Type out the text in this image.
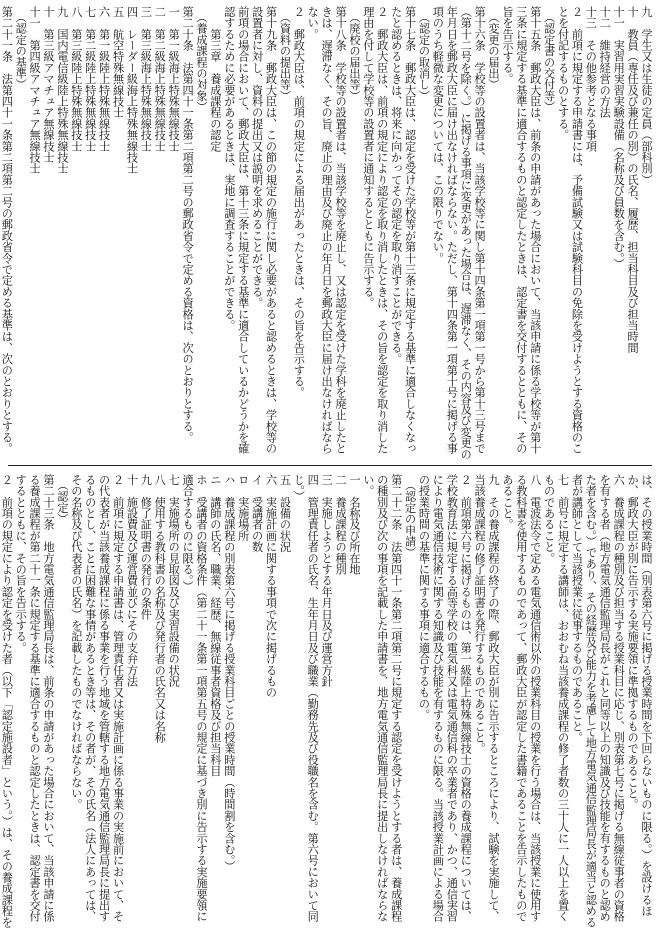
九　学生又は生徒の定員（部科別）
十　教員（専任及び兼任の別）の氏名、履歴、担当科目及び担当時間
十一　実習用実習実験設備（名称及び員数を含む。）
十二　維持経営の方法
十三　その他参考となる事項
２　前項に規定する申請書には、予備試験又は試験科目の免除を受けようとする資格のことを付記するものとする。
　（認定書の交付等）
第十五条　郵政大臣は、前条の申請があった場合において、当該申請に係る学校等が第十三条に規定する基準に適合するものと認定したときは、認定書を交付するとともに、その旨を告示する。
　（変更の届出）
第十六条　学校等の設置者は、当該学校等に関し第十四条第一項第一号から第十三号まで（第十二号を除く。）に掲げる事項に変更があった場合は、遅滞なく、その内容及び変更の年月日を郵政大臣に届け出なければならない。ただし、第十四条第一項第十号に掲げる事項のうち軽微な変更については、この限りでない。
　（認定の取消し）
第十七条　郵政大臣は、認定を受けた学校等が第十三条に規定する基準に適合しなくなったと認めるときは、将来に向かってその認定を取り消すことができる。
２　郵政大臣は、前項の規定により認定を取り消したときは、その旨を認定を取り消した理由を付して学校等の設置者に通知するとともに告示する。
　（廃校の届出等）
第十八条　学校等の設置者は、当該学校等を廃止し、又は認定を受けた学科を廃止したときは、遅滞なく、その旨、廃止の理由及び廃止の年月日を郵政大臣に届け出なければならない。
２　郵政大臣は、前項の規定による届出があったときは、その旨を告示する。
　（資料の提出等）
第十九条　郵政大臣は、この節の規定の施行に関し必要があると認めるときは、学校等の設置者に対し、資料の提出又は説明を求めることができる。
前項の場合において、郵政大臣は、第十三条に規定する基準に適合しているかどうかを確認するために必要があるときは、実地に調査することができる。
　　第三章　養成課程の認定
　（養成課程の対象）
第二十条　法第四十一条第二項第二号の郵政省令で定める資格は、次のとおりとする。
一　第一級海上特殊無線技士
二　第二級海上特殊無線技士
三　第三級海上特殊無線技士
四　レーダー級海上特殊無線技士
五　航空特殊無線技士
六　第一級陸上特殊無線技士
七　第二級陸上特殊無線技士
八　第三級陸上特殊無線技士
九　国内電信級陸上特殊無線技士
十　第三級アマチュア無線技士
十一　第四級アマチュア無線技士
　（認定の基準）
第二十一条　法第四十一条第二項第二号の郵政省令で定める基準は、次のとおりとする。

は、その授業時間（別表第六号に掲げる授業時間を下回らないものに限る。）を設けるほか、郵政大臣が別に告示する実施要領に準拠するものであること。
六　養成課程の種別及び担当する授業科目に応じ、別表第七号に掲げる無線従事者の資格を有する者（地方電気通信監理局長がこれと同等以上の知識及び技能を有するものと認めた者を含む。）であり、その経歴及び能力を考慮して地方電気通信監理局長が適当と認める者が講師として当該授業に従事するものであること。
七　前号に規定する講師は、おおむね当該養成課程の修了者数の三十人に一人以上を置くものであること。
八　電波法令で定める電気通信術以外の授業科目の授業を行う場合は、当該授業に使用する教科書を使用するものであって、郵政大臣が認定した書籍であることを告示したものであること。
九　その養成課程の終了の際、郵政大臣が別に告示するところにより、試験を実施して、当該養成課程の修了証明書を発行するものであること。
２　前項第六号に掲げるものは、第一級陸上特殊無線技士の資格の養成課程については、学校教育法に規定する高等学校の電気科又は電気通信科の卒業者であり、かつ、通信実習により電気通信技術に関する知識及び技能を有するものに限る。当該授業計画による場合の授業時間の基準に関する事項に適合するもの。
　（認定の申請）
第二十二条　法第四十一条第二項第二号に規定する認定を受けようとする者は、養成課程の種別及び次の事項を記載した申請書を、地方電気通信監理局長に提出しなければならない。
一　名称及び所在地
二　養成課程の種別
三　実施しようとする年月日及び運営方針
四　管理責任者の氏名、生年月日及び職業（勤務先及び役職名を含む。第六号において同じ。）
五　設備の状況
六　実施計画に関する事項で次に掲げるもの
イ　受講者の数
ロ　実施場所
ハ　養成課程の別表第六号に掲げる授業科目ごとの授業時間（時間割を含む。）
ニ　講師の氏名、職業、経歴、無線従事者資格及び担当科目
ホ　受講者の資格条件（第二十一条第一項第五号の規定に基づき別に告示する実施要領に適合するものに限る。）
七　実施場所の見取図及び実習設備の状況
八　使用する教科書の名称及び発行者の氏名又は名称
九　修了証明書の発行の条件
十　施設費及び運営費並びにその支弁方法
２　前項に規定する申請書は、管理責任者又は実施計画に係る事業の実施前において、その代表者が当該養成課程に係る事業を行う地域を管轄する地方電気通信監理局長に提出するものとし、ことに困難な事情があるとき等は、その者が、その氏名（法人にあっては、その名称及び代表者の氏名）を記載したものでなければならない。
　（認定）
第二十三条　地方電気通信監理局長は、前条の申請があった場合において、当該申請に係る養成課程が第二十一条に規定する基準に適合するものと認定したときは、認定書を交付するとともに、その旨を告示する。
２　前項の規定により認定を受けた者（以下「認定施設者」という。）は、その養成課程を
